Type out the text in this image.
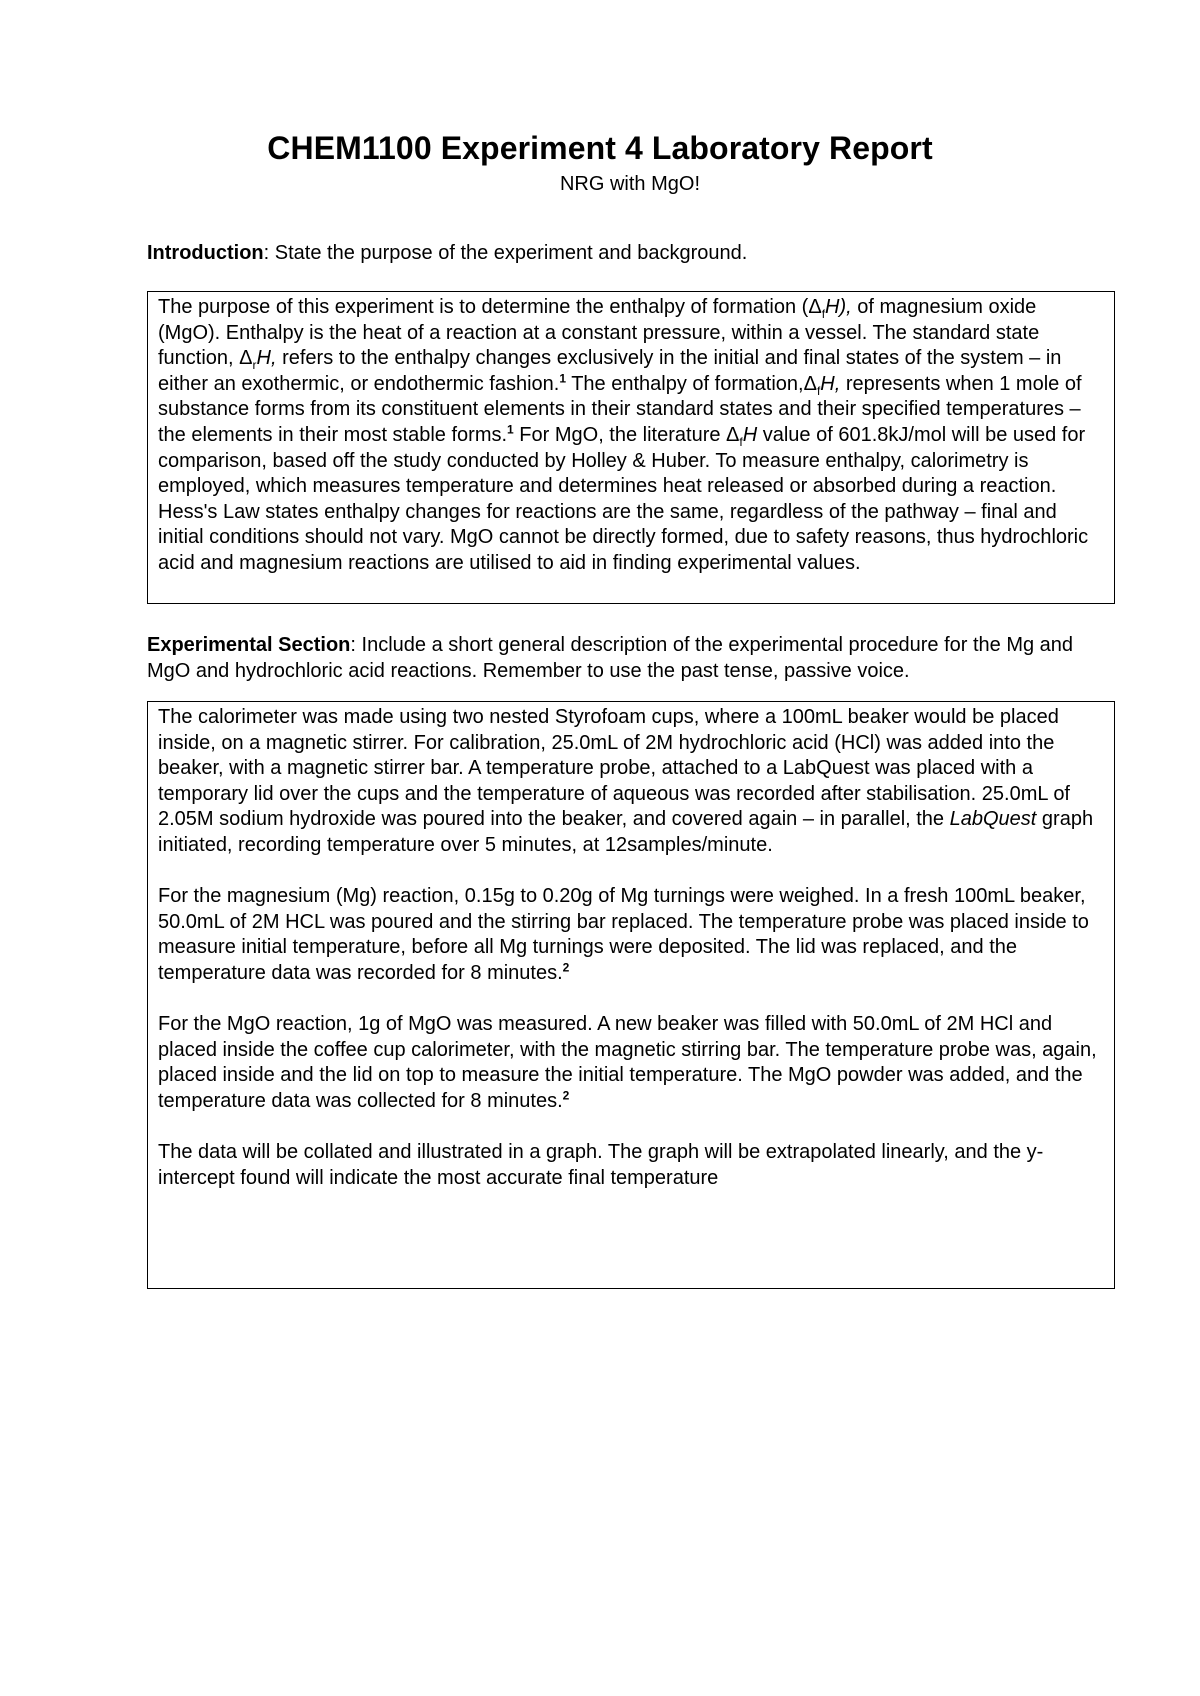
CHEM1100 Experiment 4 Laboratory Report
NRG with MgO!
Introduction: State the purpose of the experiment and background.

The purpose of this experiment is to determine the enthalpy of formation $(\Delta_fH)$, of magnesium oxide (MgO). Enthalpy is the heat of a reaction at a constant pressure, within a vessel. The standard state function, $\Delta_rH$, refers to the enthalpy changes exclusively in the initial and final states of the system – in either an exothermic, or endothermic fashion.$^1$ The enthalpy of $formation,\Delta_fH$, represents when 1 mole of substance forms from its constituent elements in their standard states and their specified temperatures – the elements in their most stable forms.$^1$ For MgO, the literature $\Delta_fH$ value of 601.8kJ/mol will be used for comparison, based off the study conducted by Holley & Huber. To measure enthalpy, calorimetry is employed, which measures temperature and determines heat released or absorbed during a reaction. Hess's Law states enthalpy changes for reactions are the same, regardless of the pathway – final and initial conditions should not vary. MgO cannot be directly formed, due to safety reasons, thus hydrochloric acid and magnesium reactions are utilised to aid in finding experimental values.

Experimental Section: Include a short general description of the experimental procedure for the Mg and MgO and hydrochloric acid reactions. Remember to use the past tense, passive voice.

The calorimeter was made using two nested Styrofoam cups, where a 100mL beaker would be placed inside, on a magnetic stirrer. For calibration, 25.0mL of 2M hydrochloric acid (HCl) was added into the beaker, with a magnetic stirrer bar. A temperature probe, attached to a LabQuest was placed with a temporary lid over the cups and the temperature of aqueous was recorded after stabilisation. 25.0mL of 2.05M sodium hydroxide was poured into the beaker, and covered again – in parallel, the LabQuest graph initiated, recording temperature over 5 minutes, at 12samples/minute.

For the magnesium (Mg) reaction, 0.15g to 0.20g of Mg turnings were weighed. In a fresh 100mL beaker, 50.0mL of 2M HCL was poured and the stirring bar replaced. The temperature probe was placed inside to measure initial temperature, before all Mg turnings were deposited. The lid was replaced, and the temperature data was recorded for 8 minutes.$^2$

For the MgO reaction, 1g of MgO was measured. A new beaker was filled with 50.0mL of 2M HCl and placed inside the coffee cup calorimeter, with the magnetic stirring bar. The temperature probe was, again, placed inside and the lid on top to measure the initial temperature. The MgO powder was added, and the temperature data was collected for 8 minutes.$^2$

The data will be collated and illustrated in a graph. The graph will be extrapolated linearly, and the y-intercept found will indicate the most accurate final temperature
